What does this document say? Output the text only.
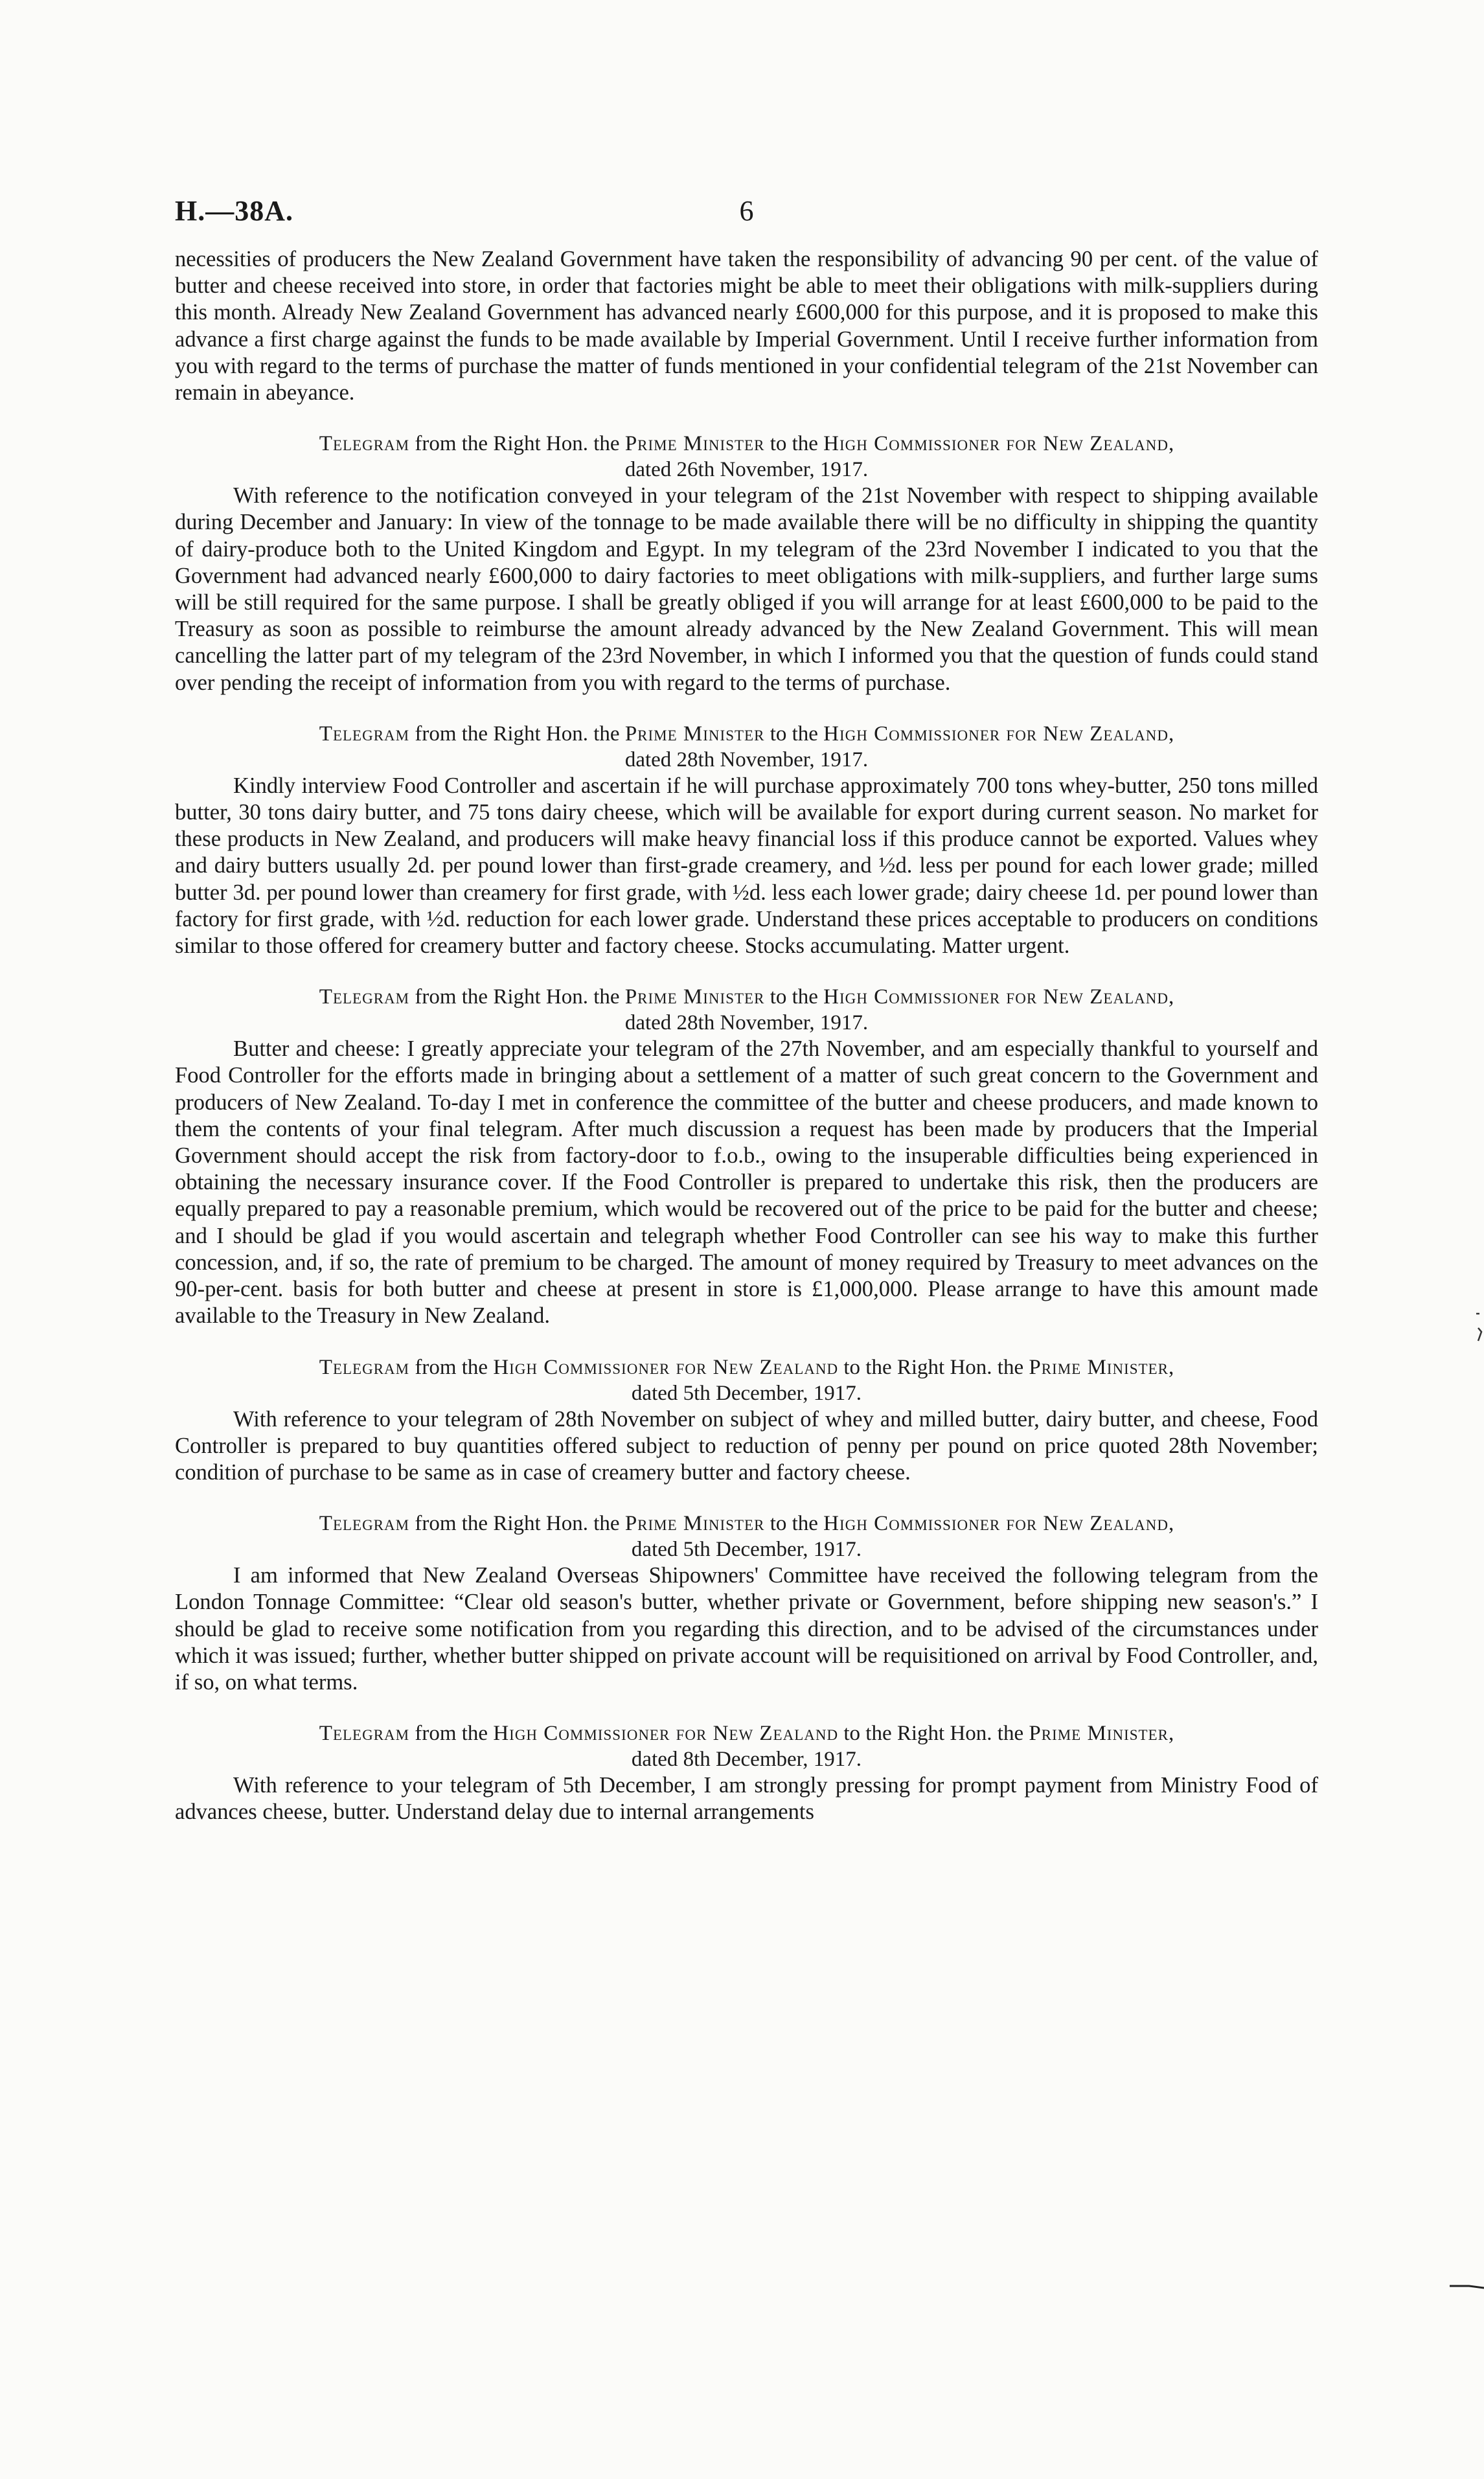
H.—38A.	6

necessities of producers the New Zealand Government have taken the responsibility of advancing 90 per cent. of the value of butter and cheese received into store, in order that factories might be able to meet their obligations with milk-suppliers during this month. Already New Zealand Government has advanced nearly £600,000 for this purpose, and it is proposed to make this advance a first charge against the funds to be made available by Imperial Government. Until I receive further information from you with regard to the terms of purchase the matter of funds mentioned in your confidential telegram of the 21st November can remain in abeyance.

Telegram from the Right Hon. the Prime Minister to the High Commissioner for New Zealand,

dated 26th November, 1917.

With reference to the notification conveyed in your telegram of the 21st November with respect to shipping available during December and January: In view of the tonnage to be made available there will be no difficulty in shipping the quantity of dairy-produce both to the United Kingdom and Egypt. In my telegram of the 23rd November I indicated to you that the Government had advanced nearly £600,000 to dairy factories to meet obligations with milk-suppliers, and further large sums will be still required for the same purpose. I shall be greatly obliged if you will arrange for at least £600,000 to be paid to the Treasury as soon as possible to reimburse the amount already advanced by the New Zealand Government. This will mean cancelling the latter part of my telegram of the 23rd November, in which I informed you that the question of funds could stand over pending the receipt of information from you with regard to the terms of purchase.

Telegram from the Right Hon. the Prime Minister to the High Commissioner for New Zealand,

dated 28th November, 1917.

Kindly interview Food Controller and ascertain if he will purchase approximately 700 tons whey-butter, 250 tons milled butter, 30 tons dairy butter, and 75 tons dairy cheese, which will be available for export during current season. No market for these products in New Zealand, and producers will make heavy financial loss if this produce cannot be exported. Values whey and dairy butters usually 2d. per pound lower than first-grade creamery, and ½d. less per pound for each lower grade; milled butter 3d. per pound lower than creamery for first grade, with ½d. less each lower grade; dairy cheese 1d. per pound lower than factory for first grade, with ½d. reduction for each lower grade. Understand these prices acceptable to producers on conditions similar to those offered for creamery butter and factory cheese. Stocks accumulating. Matter urgent.

Telegram from the Right Hon. the Prime Minister to the High Commissioner for New Zealand,

dated 28th November, 1917.

Butter and cheese: I greatly appreciate your telegram of the 27th November, and am especially thankful to yourself and Food Controller for the efforts made in bringing about a settlement of a matter of such great concern to the Government and producers of New Zealand. To-day I met in conference the committee of the butter and cheese producers, and made known to them the contents of your final telegram. After much discussion a request has been made by producers that the Imperial Government should accept the risk from factory-door to f.o.b., owing to the insuperable difficulties being experienced in obtaining the necessary insurance cover. If the Food Controller is prepared to undertake this risk, then the producers are equally prepared to pay a reasonable premium, which would be recovered out of the price to be paid for the butter and cheese; and I should be glad if you would ascertain and telegraph whether Food Controller can see his way to make this further concession, and, if so, the rate of premium to be charged. The amount of money required by Treasury to meet advances on the 90-per-cent. basis for both butter and cheese at present in store is £1,000,000. Please arrange to have this amount made available to the Treasury in New Zealand.

Telegram from the High Commissioner for New Zealand to the Right Hon. the Prime Minister,

dated 5th December, 1917.

With reference to your telegram of 28th November on subject of whey and milled butter, dairy butter, and cheese, Food Controller is prepared to buy quantities offered subject to reduction of penny per pound on price quoted 28th November; condition of purchase to be same as in case of creamery butter and factory cheese.

Telegram from the Right Hon. the Prime Minister to the High Commissioner for New Zealand,

dated 5th December, 1917.

I am informed that New Zealand Overseas Shipowners' Committee have received the following telegram from the London Tonnage Committee: “Clear old season's butter, whether private or Government, before shipping new season's.” I should be glad to receive some notification from you regarding this direction, and to be advised of the circumstances under which it was issued; further, whether butter shipped on private account will be requisitioned on arrival by Food Controller, and, if so, on what terms.

Telegram from the High Commissioner for New Zealand to the Right Hon. the Prime Minister,

dated 8th December, 1917.

With reference to your telegram of 5th December, I am strongly pressing for prompt payment from Ministry Food of advances cheese, butter. Understand delay due to internal arrangements
